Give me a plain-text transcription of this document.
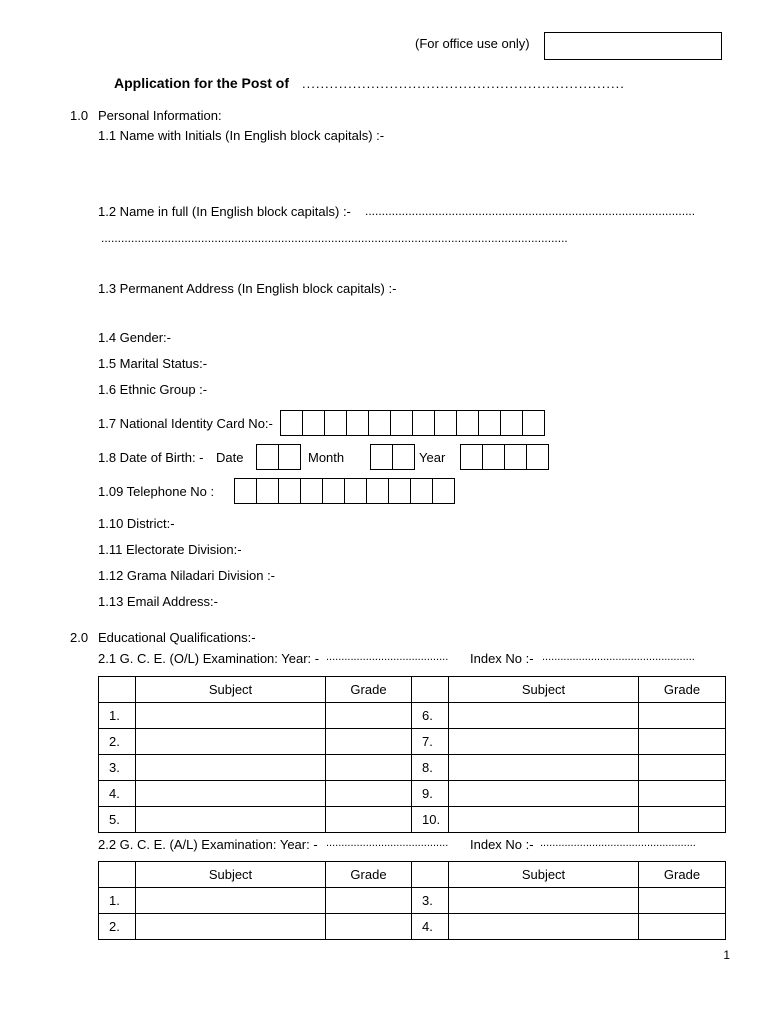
(For office use only)
Application for the Post of ......................................................................
1.0 Personal Information:
1.1 Name with Initials (In English block capitals) :-
1.2 Name in full (In English block capitals) :- ...................................................................................................
............................................................................................................................................
1.3 Permanent Address (In English block capitals) :-
1.4 Gender:-
1.5 Marital Status:-
1.6 Ethnic Group :-
1.7 National Identity Card No:-
1.8 Date of Birth: - Date	Month	Year
1.09 Telephone No :
1.10 District:-
1.11 Electorate Division:-
1.12 Grama Niladari Division :-
1.13 Email Address:-
2.0 Educational Qualifications:-
2.1 G. C. E. (O/L) Examination: Year: - ........................................ Index No :- ..................................................
	Subject	Grade		Subject	Grade
1.			6.		
2.			7.		
3.			8.		
4.			9.		
5.			10.		
2.2 G. C. E. (A/L) Examination: Year: - ........................................ Index No :- ...................................................
	Subject	Grade		Subject	Grade
1.			3.		
2.			4.		
1
